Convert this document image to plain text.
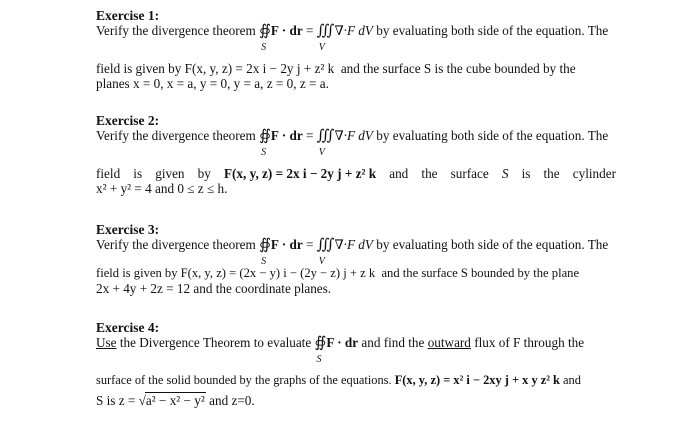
Exercise 1:
Verify the divergence theorem ∯
S
F · dr = ∭
V
∇·F dV by evaluating both side of the equation. The
field is given by F(x, y, z) = 2x i − 2y j + z² k and the surface S is the cube bounded by the
planes x = 0, x = a, y = 0, y = a, z = 0, z = a.
Exercise 2:
Verify the divergence theorem ∯
S
F · dr = ∭
V
∇·F dV by evaluating both side of the equation. The
field is given by F(x, y, z) = 2x i − 2y j + z² k and the surface S is the cylinder
x² + y² = 4 and 0 ≤ z ≤ h.
Exercise 3:
Verify the divergence theorem ∯
S
F · dr = ∭
V
∇·F dV by evaluating both side of the equation. The
field is given by F(x, y, z) = (2x − y) i − (2y − z) j + z k and the surface S bounded by the plane
2x + 4y + 2z = 12 and the coordinate planes.
Exercise 4:
Use the Divergence Theorem to evaluate ∯
S
F · dr and find the outward flux of F through the
surface of the solid bounded by the graphs of the equations. F(x, y, z) = x² i − 2xy j + x y z² k and
S is z = √a² − x² − y² and z=0.
